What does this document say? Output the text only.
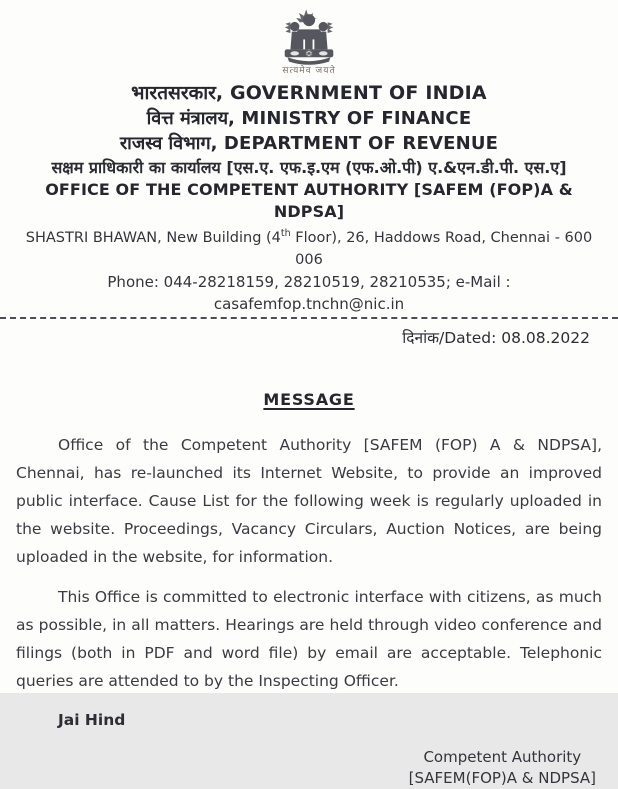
सत्यमेव जयते
भारतसरकार, GOVERNMENT OF INDIA
वित्त मंत्रालय, MINISTRY OF FINANCE
राजस्व विभाग, DEPARTMENT OF REVENUE
सक्षम प्राधिकारी का कार्यालय [एस.ए. एफ.इ.एम (एफ.ओ.पी) ए.&एन.डी.पी. एस.ए]
OFFICE OF THE COMPETENT AUTHORITY [SAFEM (FOP)A & NDPSA]
SHASTRI BHAWAN, New Building (4th Floor), 26, Haddows Road, Chennai - 600 006
Phone: 044-28218159, 28210519, 28210535; e-Mail : casafemfop.tnchn@nic.in
दिनांक/Dated: 08.08.2022
MESSAGE

Office of the Competent Authority [SAFEM (FOP) A & NDPSA], Chennai, has re-launched its Internet Website, to provide an improved public interface. Cause List for the following week is regularly uploaded in the website. Proceedings, Vacancy Circulars, Auction Notices, are being uploaded in the website, for information.

This Office is committed to electronic interface with citizens, as much as possible, in all matters. Hearings are held through video conference and filings (both in PDF and word file) by email are acceptable. Telephonic queries are attended to by the Inspecting Officer.

Jai Hind
Competent Authority
[SAFEM(FOP)A & NDPSA]
